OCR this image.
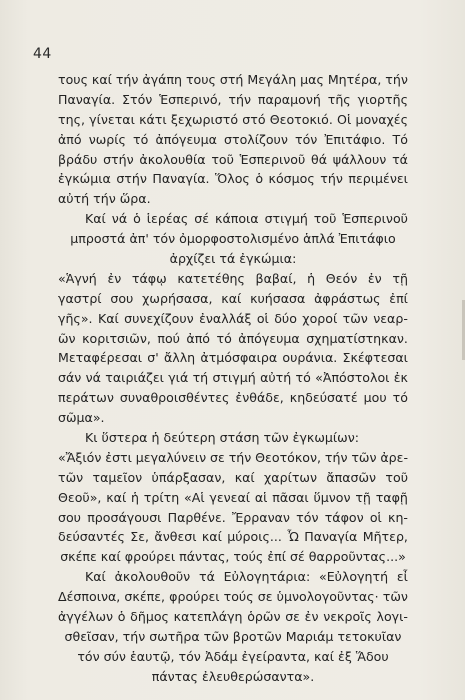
44
τους καί τήν ἀγάπη τους στή Μεγάλη μας Μητέρα, τήν
Παναγία. Στόν Ἑσπερινό, τήν παραμονή τῆς γιορτῆς
της, γίνεται κάτι ξεχωριστό στό Θεοτοκιό. Οἱ μοναχές
ἀπό νωρίς τό ἀπόγευμα στολίζουν τόν Ἐπιτάφιο. Τό
βράδυ στήν ἀκολουθία τοῦ Ἑσπερινοῦ θά ψάλλουν τά
ἐγκώμια στήν Παναγία. Ὅλος ὁ κόσμος τήν περιμένει
αὐτή τήν ὥρα.
Καί νά ὁ ἱερέας σέ κάποια στιγμή τοῦ Ἑσπερινοῦ
μπροστά ἀπ' τόν ὀμορφοστολισμένο ἁπλά Ἐπιτάφιο
ἀρχίζει τά ἐγκώμια:
«Ἁγνή ἐν τάφῳ κατετέθης βαβαί, ἡ Θεόν ἐν τῇ
γαστρί σου χωρήσασα, καί κυήσασα ἀφράστως ἐπί
γῆς». Καί συνεχίζουν ἐναλλάξ οἱ δύο χοροί τῶν νεαρ-
ῶν κοριτσιῶν, πού ἀπό τό ἀπόγευμα σχηματίστηκαν.
Μεταφέρεσαι σ' ἄλλη ἀτμόσφαιρα ουράνια. Σκέφτεσαι
σάν νά ταιριάζει γιά τή στιγμή αὐτή τό «Ἀπόστολοι ἐκ
περάτων συναθροισθέντες ἐνθάδε, κηδεύσατέ μου τό
σῶμα».
Κι ὕστερα ἡ δεύτερη στάση τῶν ἐγκωμίων:
«Ἄξιόν ἐστι μεγαλύνειν σε τήν Θεοτόκον, τήν τῶν ἀρε-
τῶν ταμεῖον ὑπάρξασαν, καί χαρίτων ἄπασῶν τοῦ
Θεοῦ», καί ἡ τρίτη «Αἱ γενεαί αἱ πᾶσαι ὕμνον τῇ ταφῇ
σου προσάγουσι Παρθένε. Ἔρραναν τόν τάφον οἱ κη-
δεύσαντές Σε, ἄνθεσι καί μύροις... Ὦ Παναγία Μῆτερ,
σκέπε καί φρούρει πάντας, τούς ἐπί σέ θαρροῦντας...»
Καί ἀκολουθοῦν τά Εὐλογητάρια: «Εὐλογητή εἶ
Δέσποινα, σκέπε, φρούρει τούς σε ὑμνολογοῦντας· τῶν
ἀγγέλων ὁ δῆμος κατεπλάγη ὁρῶν σε ἐν νεκροῖς λογι-
σθεῖσαν, τήν σωτῆρα τῶν βροτῶν Μαριάμ τετοκυῖαν
τόν σύν ἑαυτῷ, τόν Ἀδάμ ἐγείραντα, καί ἐξ Ἅδου
πάντας ἐλευθερώσαντα».
